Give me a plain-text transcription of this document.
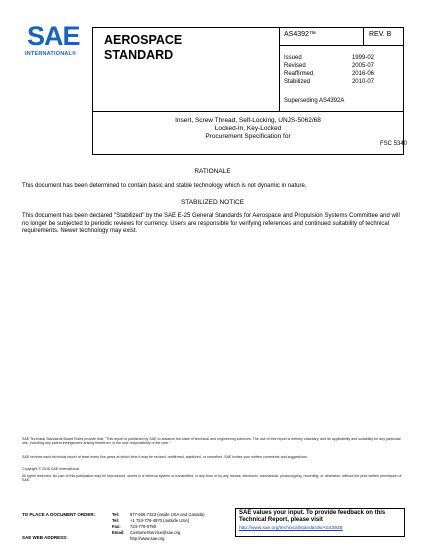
SAE
INTERNATIONAL®
AEROSPACE
STANDARD
AS4392™	REV. B
Issued	1999-02
Revised	2005-07
Reaffirmed	2016-06
Stabilized	2010-07
Superseding AS4392A
Insert, Screw Thread, Self-Locking, UNJS-5062/68
Locked-In, Key-Locked
Procurement Specification for
FSC 5340
RATIONALE
This document has been determined to contain basic and stable technology which is not dynamic in nature.
STABILIZED NOTICE
This document has been declared "Stabilized" by the SAE E-25 General Standards for Aerospace and Propulsion Systems Committee and will no longer be subjected to periodic reviews for currency. Users are responsible for verifying references and continued suitability of technical requirements. Newer technology may exist.
SAE Technical Standards Board Rules provide that: "This report is published by SAE to advance the state of technical and engineering sciences. The use of this report is entirely voluntary, and its applicability and suitability for any particular use, including any patent infringement arising therefrom, is the sole responsibility of the user."
SAE reviews each technical report at least every five years at which time it may be revised, reaffirmed, stabilized, or cancelled. SAE invites your written comments and suggestions.
Copyright © 2016 SAE International
All rights reserved. No part of this publication may be reproduced, stored in a retrieval system or transmitted, in any form or by any means, electronic, mechanical, photocopying, recording, or otherwise, without the prior written permission of SAE.
TO PLACE A DOCUMENT ORDER:
SAE WEB ADDRESS:
Tel:	877-606-7323 (inside USA and Canada)
Tel:	+1 724-776-4970 (outside USA)
Fax: 724-776-0790
Email: CustomerService@sae.org
http://www.sae.org
SAE values your input. To provide feedback on this Technical Report, please visit
http://www.sae.org/technical/standards/AS4392B
